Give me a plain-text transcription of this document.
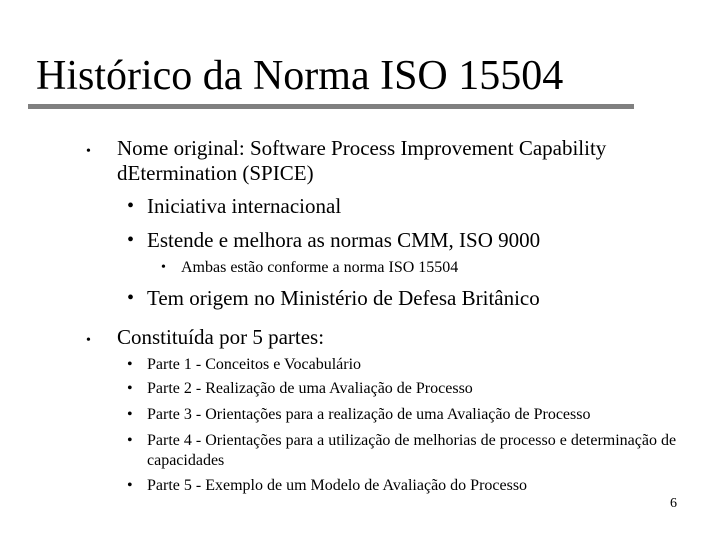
Histórico da Norma ISO 15504
• Nome original: Software Process Improvement Capability dEtermination (SPICE)
• Iniciativa internacional
• Estende e melhora as normas CMM, ISO 9000
• Ambas estão conforme a norma ISO 15504
• Tem origem no Ministério de Defesa Britânico
• Constituída por 5 partes:
• Parte 1 - Conceitos e Vocabulário
• Parte 2 - Realização de uma Avaliação de Processo
• Parte 3 - Orientações para a realização de uma Avaliação de Processo
• Parte 4 - Orientações para a utilização de melhorias de processo e determinação de capacidades
• Parte 5 - Exemplo de um Modelo de Avaliação do Processo
6
